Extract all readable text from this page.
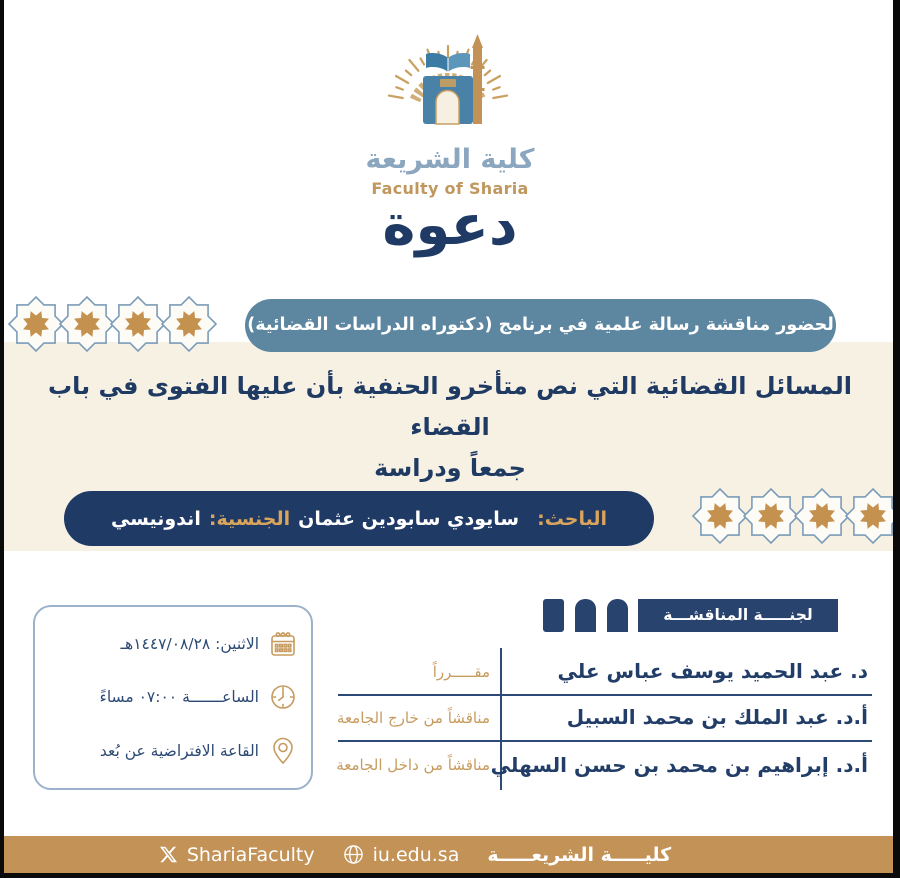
كلية الشريعة
Faculty of Sharia
دعوة
لحضور مناقشة رسالة علمية في برنامج (دكتوراه الدراسات القضائية)
المسائل القضائية التي نص متأخرو الحنفية بأن عليها الفتوى في باب القضاء
جمعاً ودراسة
الباحث:
سايودي سابودين عثمان
الجنسية:
اندونيسي
لجنـــــة المناقشـــة
د. عبد الحميد يوسف عباس علي
مقـــــرراً
أ.د. عبد الملك بن محمد السبيل
مناقشاً من خارج الجامعة
أ.د. إبراهيم بن محمد بن حسن السهلي
مناقشاً من داخل الجامعة
الاثنين: ١٤٤٧/٠٨/٢٨هـ
الساعـــــــة ٠٧:٠٠ مساءً
القاعة الافتراضية عن بُعد
ShariaFaculty	iu.edu.sa كليـــــة الشريعـــــة
